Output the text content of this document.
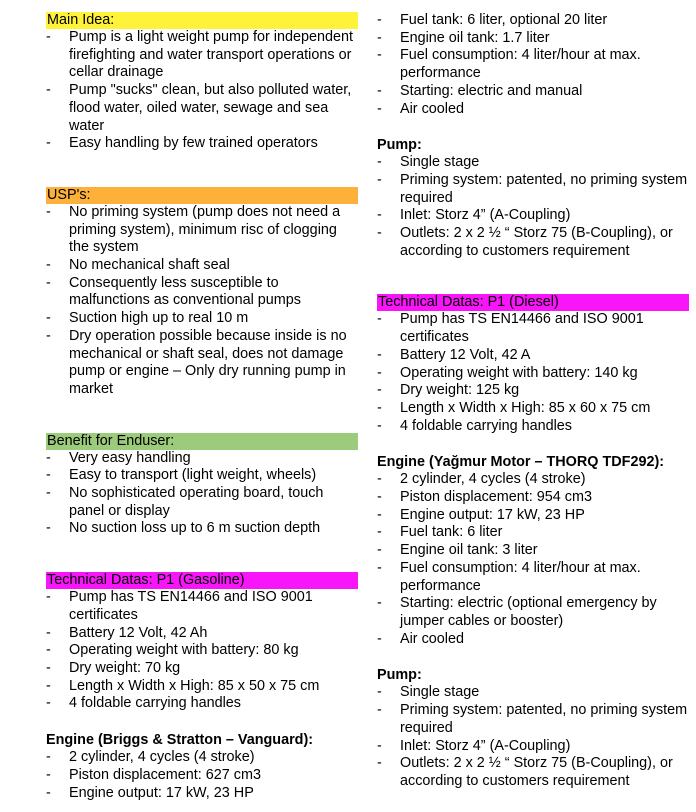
Main Idea:
- Pump is a light weight pump for independent firefighting and water transport operations or cellar drainage
- Pump "sucks" clean, but also polluted water, flood water, oiled water, sewage and sea water
- Easy handling by few trained operators
USP's:
- No priming system (pump does not need a priming system), minimum risc of clogging the system
- No mechanical shaft seal
- Consequently less susceptible to malfunctions as conventional pumps
- Suction high up to real 10 m
- Dry operation possible because inside is no mechanical or shaft seal, does not damage pump or engine – Only dry running pump in market
Benefit for Enduser:
- Very easy handling
- Easy to transport (light weight, wheels)
- No sophisticated operating board, touch panel or display
- No suction loss up to 6 m suction depth
Technical Datas: P1 (Gasoline)
- Pump has TS EN14466 and ISO 9001 certificates
- Battery 12 Volt, 42 Ah
- Operating weight with battery: 80 kg
- Dry weight: 70 kg
- Length x Width x High: 85 x 50 x 75 cm
- 4 foldable carrying handles
Engine (Briggs & Stratton – Vanguard):
- 2 cylinder, 4 cycles (4 stroke)
- Piston displacement: 627 cm3
- Engine output: 17 kW, 23 HP
- Fuel tank: 6 liter, optional 20 liter
- Engine oil tank: 1.7 liter
- Fuel consumption: 4 liter/hour at max. performance
- Starting: electric and manual
- Air cooled
Pump:
- Single stage
- Priming system: patented, no priming system required
- Inlet: Storz 4” (A-Coupling)
- Outlets: 2 x 2 ½ “ Storz 75 (B-Coupling), or according to customers requirement
Technical Datas: P1 (Diesel)
- Pump has TS EN14466 and ISO 9001 certificates
- Battery 12 Volt, 42 A
- Operating weight with battery: 140 kg
- Dry weight: 125 kg
- Length x Width x High: 85 x 60 x 75 cm
- 4 foldable carrying handles
Engine (Yağmur Motor – THORQ TDF292):
- 2 cylinder, 4 cycles (4 stroke)
- Piston displacement: 954 cm3
- Engine output: 17 kW, 23 HP
- Fuel tank: 6 liter
- Engine oil tank: 3 liter
- Fuel consumption: 4 liter/hour at max. performance
- Starting: electric (optional emergency by jumper cables or booster)
- Air cooled
Pump:
- Single stage
- Priming system: patented, no priming system required
- Inlet: Storz 4” (A-Coupling)
- Outlets: 2 x 2 ½ “ Storz 75 (B-Coupling), or according to customers requirement
